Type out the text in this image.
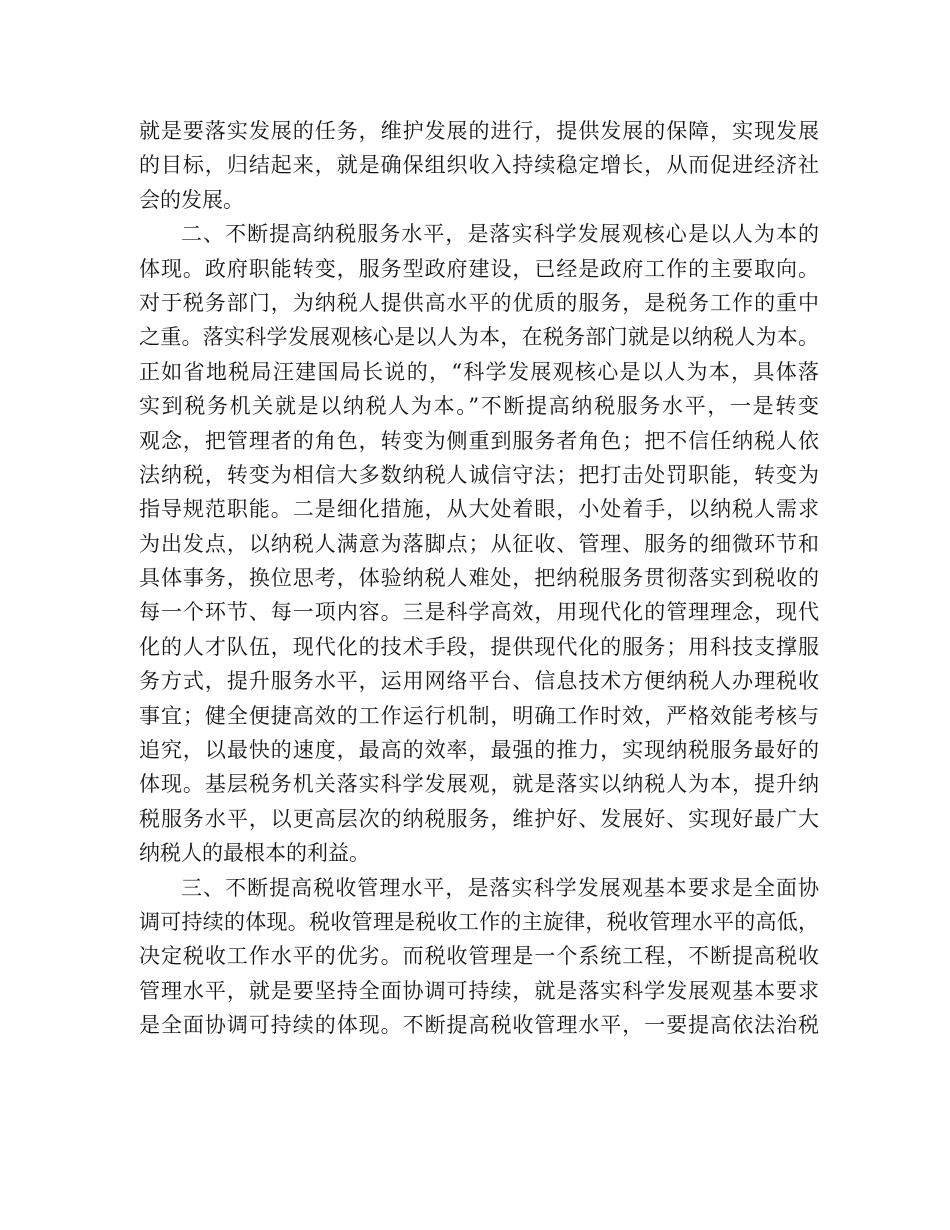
就是要落实发展的任务，维护发展的进行，提供发展的保障，实现发展
的目标，归结起来，就是确保组织收入持续稳定增长，从而促进经济社
会的发展。
二、不断提高纳税服务水平，是落实科学发展观核心是以人为本的
体现。政府职能转变，服务型政府建设，已经是政府工作的主要取向。
对于税务部门，为纳税人提供高水平的优质的服务，是税务工作的重中
之重。落实科学发展观核心是以人为本，在税务部门就是以纳税人为本。
正如省地税局汪建国局长说的，“科学发展观核心是以人为本，具体落
实到税务机关就是以纳税人为本。”不断提高纳税服务水平，一是转变
观念，把管理者的角色，转变为侧重到服务者角色；把不信任纳税人依
法纳税，转变为相信大多数纳税人诚信守法；把打击处罚职能，转变为
指导规范职能。二是细化措施，从大处着眼，小处着手，以纳税人需求
为出发点，以纳税人满意为落脚点；从征收、管理、服务的细微环节和
具体事务，换位思考，体验纳税人难处，把纳税服务贯彻落实到税收的
每一个环节、每一项内容。三是科学高效，用现代化的管理理念，现代
化的人才队伍，现代化的技术手段，提供现代化的服务；用科技支撑服
务方式，提升服务水平，运用网络平台、信息技术方便纳税人办理税收
事宜；健全便捷高效的工作运行机制，明确工作时效，严格效能考核与
追究，以最快的速度，最高的效率，最强的推力，实现纳税服务最好的
体现。基层税务机关落实科学发展观，就是落实以纳税人为本，提升纳
税服务水平，以更高层次的纳税服务，维护好、发展好、实现好最广大
纳税人的最根本的利益。
三、不断提高税收管理水平，是落实科学发展观基本要求是全面协
调可持续的体现。税收管理是税收工作的主旋律，税收管理水平的高低，
决定税收工作水平的优劣。而税收管理是一个系统工程，不断提高税收
管理水平，就是要坚持全面协调可持续，就是落实科学发展观基本要求
是全面协调可持续的体现。不断提高税收管理水平，一要提高依法治税
